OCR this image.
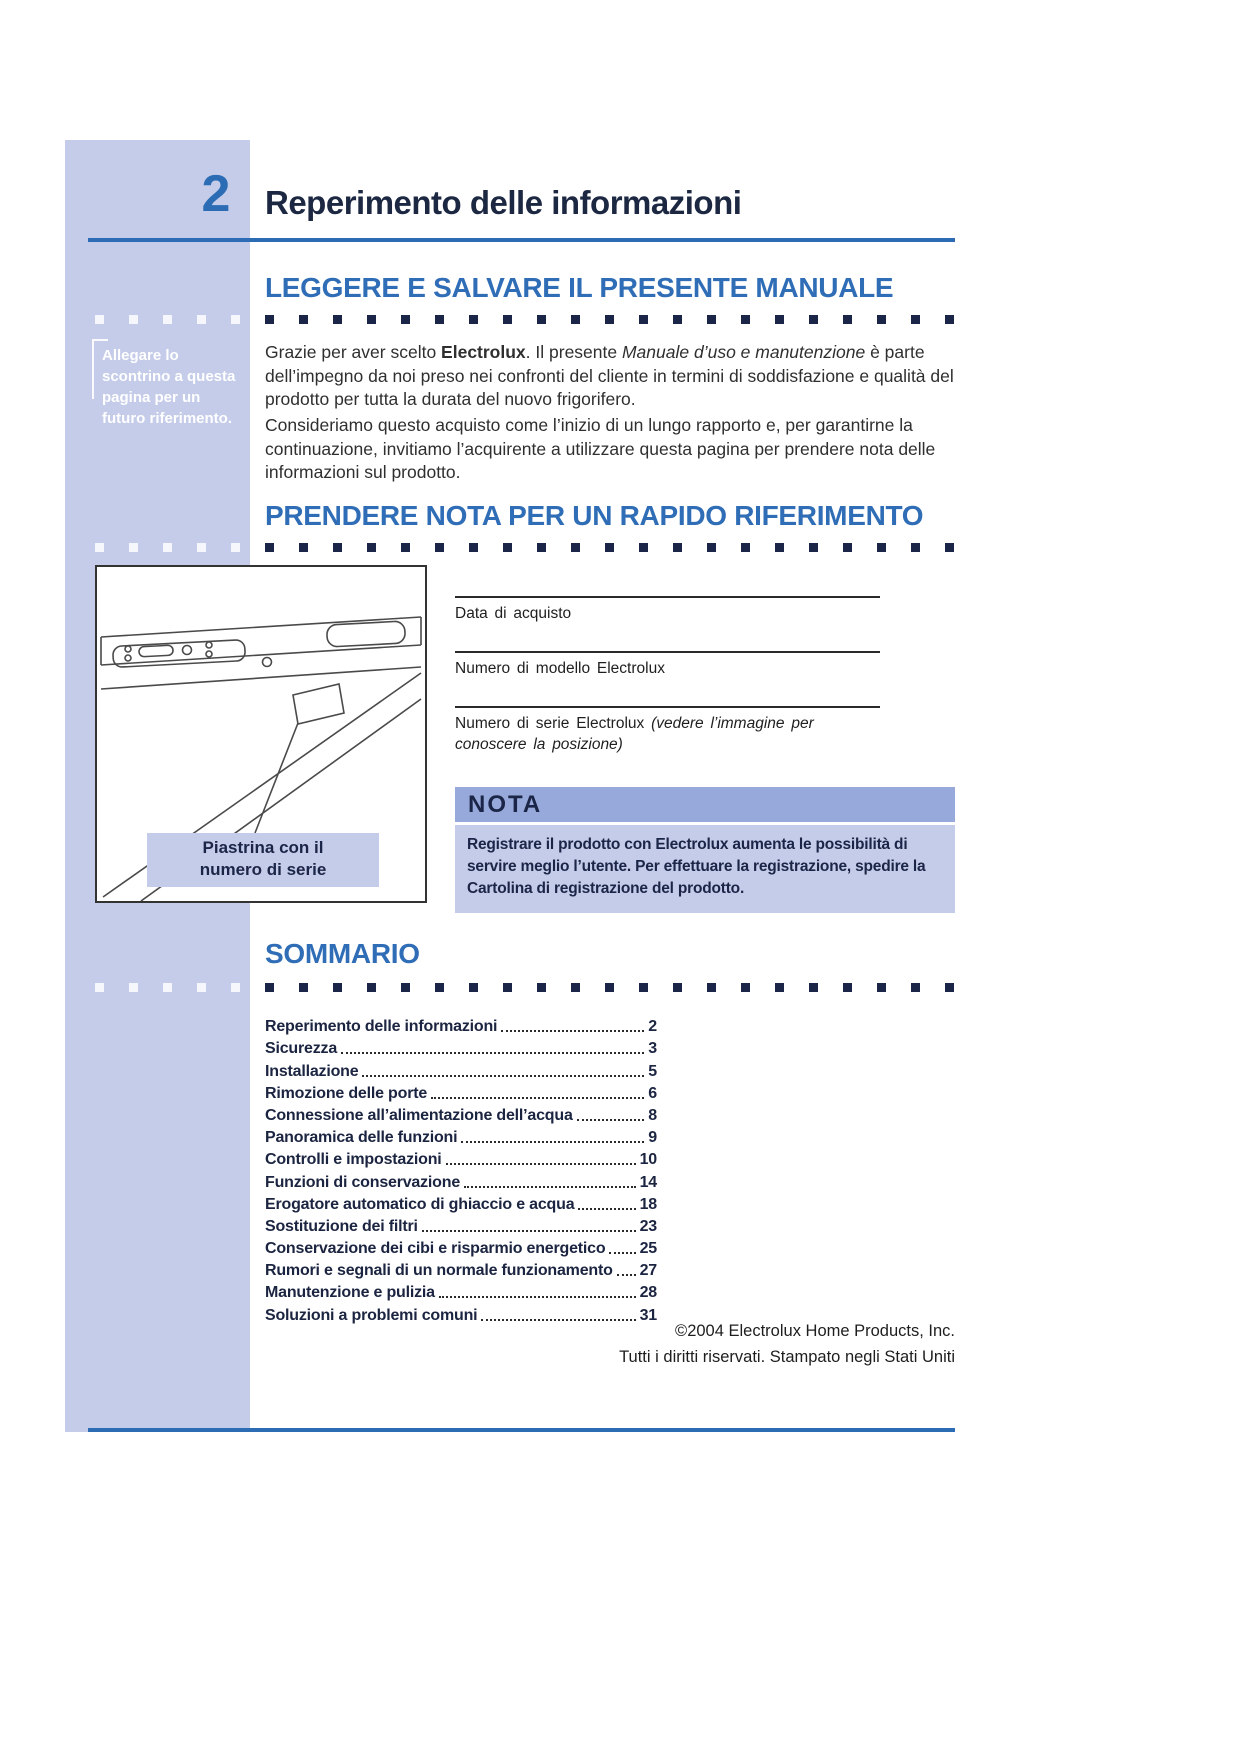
2	Reperimento delle informazioni
LEGGERE E SALVARE IL PRESENTE MANUALE
Allegare lo scontrino a questa pagina per un futuro riferimento.

Grazie per aver scelto Electrolux. Il presente Manuale d’uso e manutenzione è parte dell’impegno da noi preso nei confronti del cliente in termini di soddisfazione e qualità del prodotto per tutta la durata del nuovo frigorifero.

Consideriamo questo acquisto come l’inizio di un lungo rapporto e, per garantirne la continuazione, invitiamo l’acquirente a utilizzare questa pagina per prendere nota delle informazioni sul prodotto.

PRENDERE NOTA PER UN RAPIDO RIFERIMENTO
Piastrina con il
numero di serie
Data di acquisto
Numero di modello Electrolux
Numero di serie Electrolux (vedere l’immagine per conoscere la posizione)
NOTA
Registrare il prodotto con Electrolux aumenta le possibilità di servire meglio l’utente. Per effettuare la registrazione, spedire la Cartolina di registrazione del prodotto.
SOMMARIO
Reperimento delle informazioni	2
Sicurezza	3
Installazione	5
Rimozione delle porte	6
Connessione all’alimentazione dell’acqua	8
Panoramica delle funzioni	9
Controlli e impostazioni	10
Funzioni di conservazione	14
Erogatore automatico di ghiaccio e acqua	18
Sostituzione dei filtri	23
Conservazione dei cibi e risparmio energetico 25
Rumori e segnali di un normale funzionamento 27
Manutenzione e pulizia	28
Soluzioni a problemi comuni	31
©2004 Electrolux Home Products, Inc.
Tutti i diritti riservati. Stampato negli Stati Uniti
